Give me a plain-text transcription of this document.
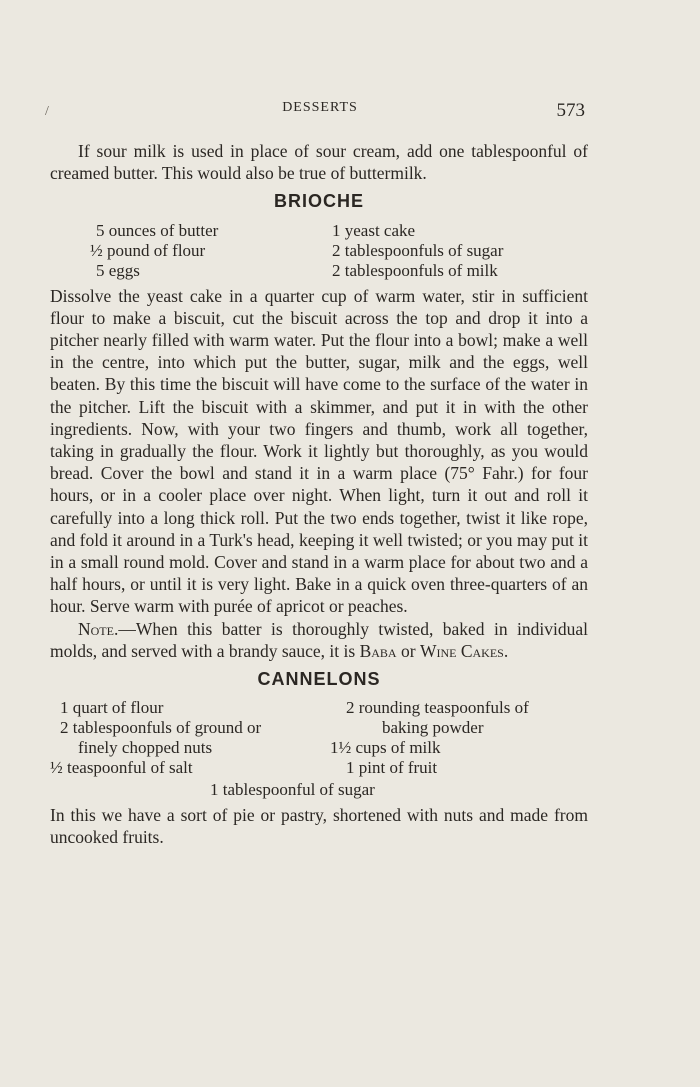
/	DESSERTS	573

If sour milk is used in place of sour cream, add one tablespoonful of creamed butter. This would also be true of buttermilk.

BRIOCHE
5 ounces of butter
½ pound of flour
5 eggs
1 yeast cake
2 tablespoonfuls of sugar
2 tablespoonfuls of milk

Dissolve the yeast cake in a quarter cup of warm water, stir in sufficient flour to make a biscuit, cut the biscuit across the top and drop it into a pitcher nearly filled with warm water. Put the flour into a bowl; make a well in the centre, into which put the butter, sugar, milk and the eggs, well beaten. By this time the biscuit will have come to the surface of the water in the pitcher. Lift the biscuit with a skimmer, and put it in with the other ingredients. Now, with your two fingers and thumb, work all together, taking in gradually the flour. Work it lightly but thoroughly, as you would bread. Cover the bowl and stand it in a warm place (75° Fahr.) for four hours, or in a cooler place over night. When light, turn it out and roll it carefully into a long thick roll. Put the two ends together, twist it like rope, and fold it around in a Turk's head, keeping it well twisted; or you may put it in a small round mold. Cover and stand in a warm place for about two and a half hours, or until it is very light. Bake in a quick oven three-quarters of an hour. Serve warm with purée of apricot or peaches.

Note.—When this batter is thoroughly twisted, baked in individual molds, and served with a brandy sauce, it is Baba or Wine Cakes.

CANNELONS
1 quart of flour
2 tablespoonfuls of ground or
finely chopped nuts
½ teaspoonful of salt
2 rounding teaspoonfuls of
baking powder
1½ cups of milk
1 pint of fruit
1 tablespoonful of sugar

In this we have a sort of pie or pastry, shortened with nuts and made from uncooked fruits.
